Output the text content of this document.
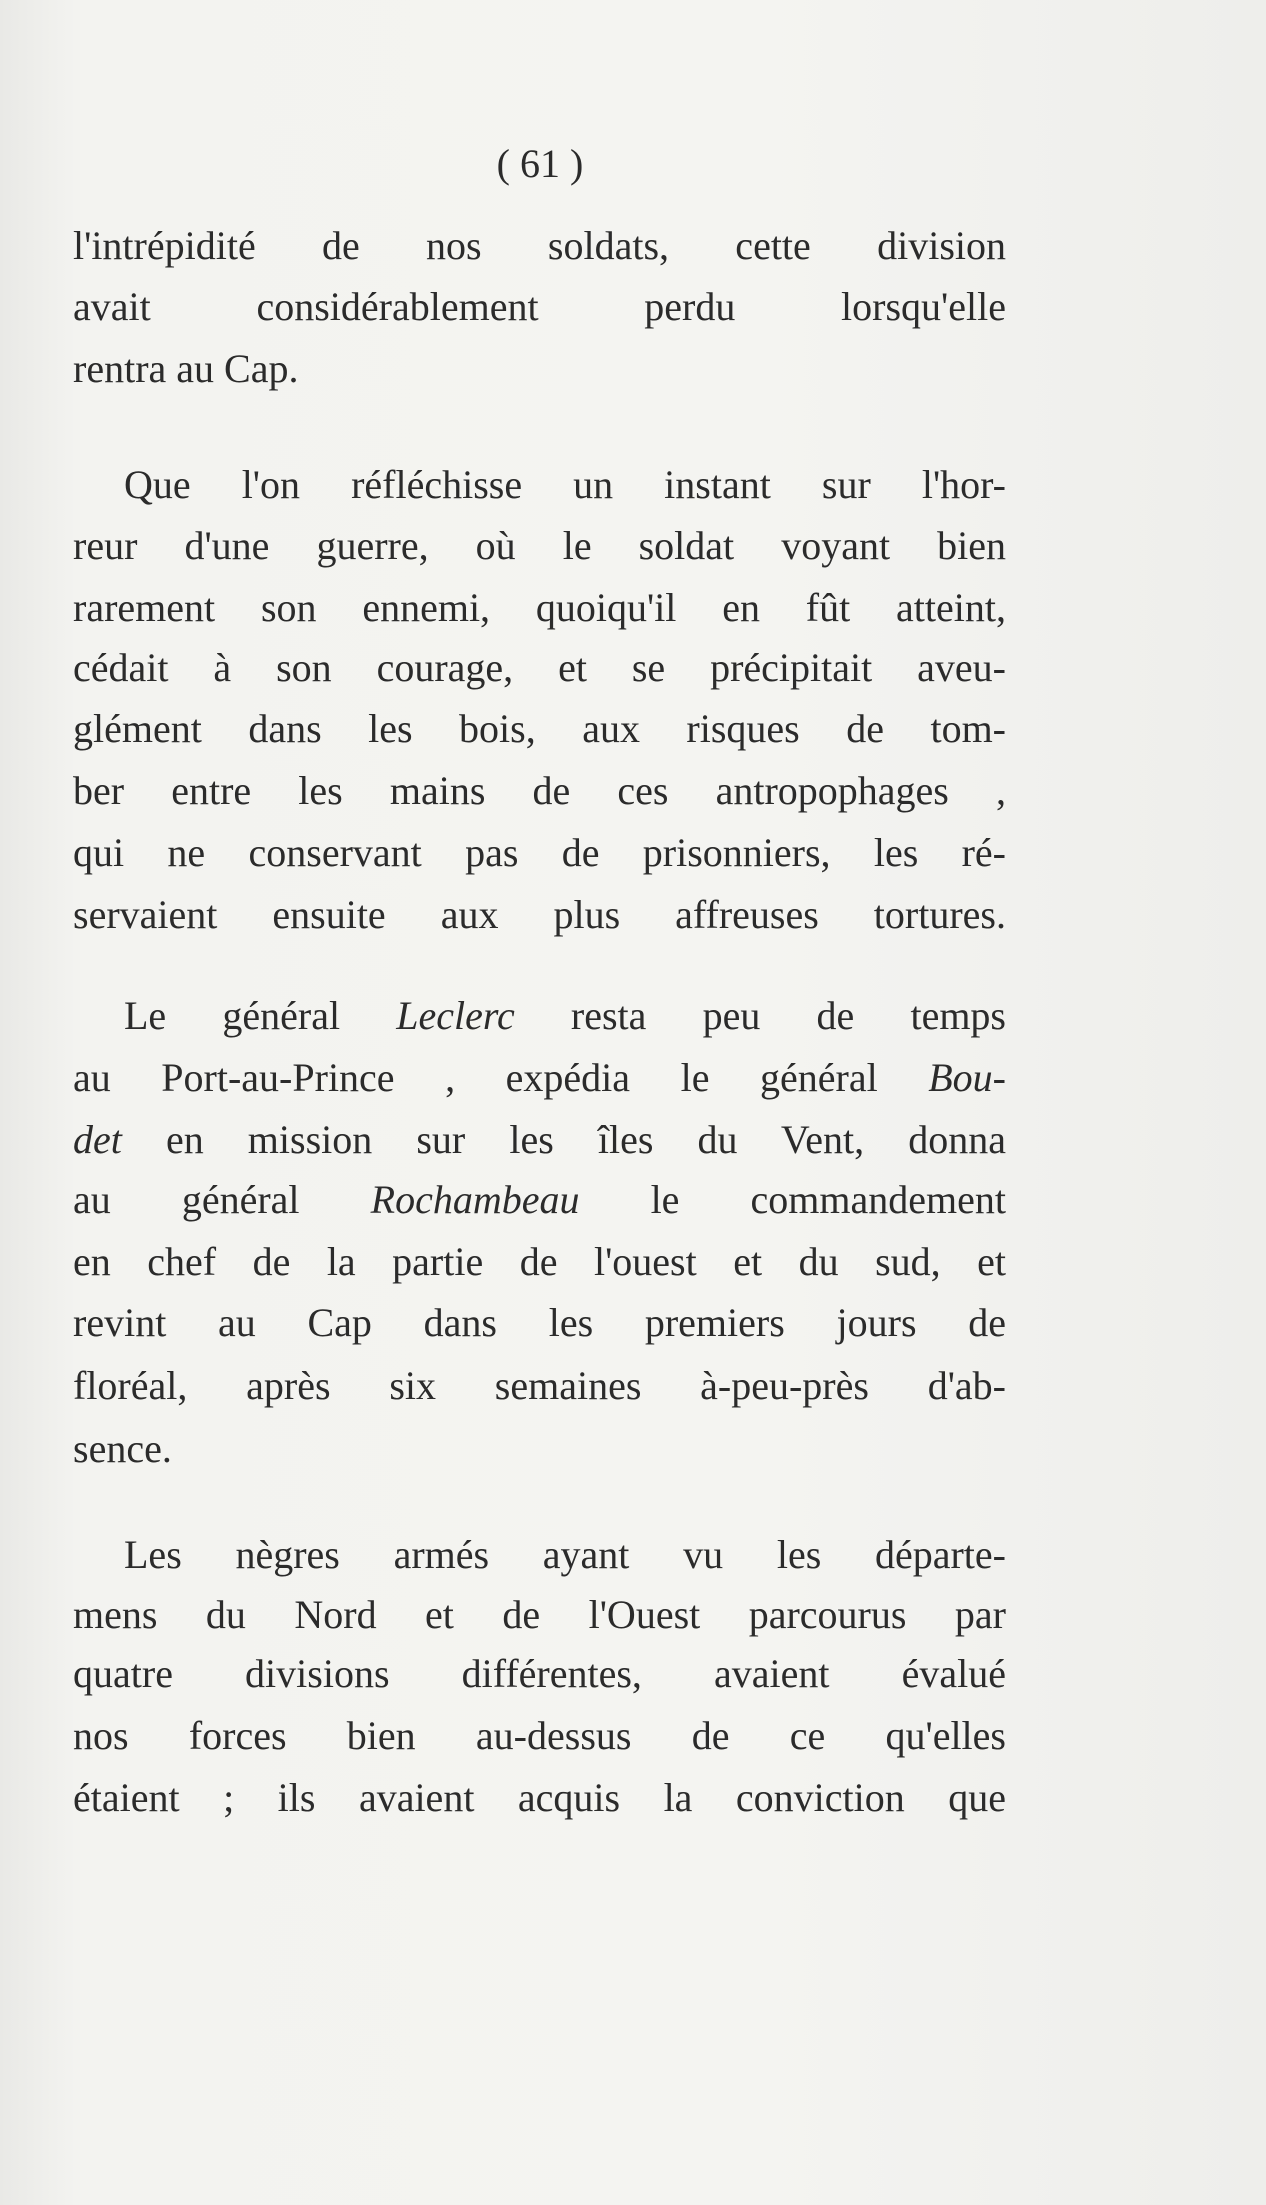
( 61 )
l'intrépidité de nos soldats, cette division
avait considérablement perdu lorsqu'elle
rentra au Cap.
Que l'on réfléchisse un instant sur l'hor-
reur d'une guerre, où le soldat voyant bien
rarement son ennemi, quoiqu'il en fût atteint,
cédait à son courage, et se précipitait aveu-
glément dans les bois, aux risques de tom-
ber entre les mains de ces antropophages ,
qui ne conservant pas de prisonniers, les ré-
servaient ensuite aux plus affreuses tortures.
Le général Leclerc resta peu de temps
au Port-au-Prince , expédia le général Bou-
det en mission sur les îles du Vent, donna
au général Rochambeau le commandement
en chef de la partie de l'ouest et du sud, et
revint au Cap dans les premiers jours de
floréal, après six semaines à-peu-près d'ab-
sence.
Les nègres armés ayant vu les départe-
mens du Nord et de l'Ouest parcourus par
quatre divisions différentes, avaient évalué
nos forces bien au-dessus de ce qu'elles
étaient ; ils avaient acquis la conviction que
